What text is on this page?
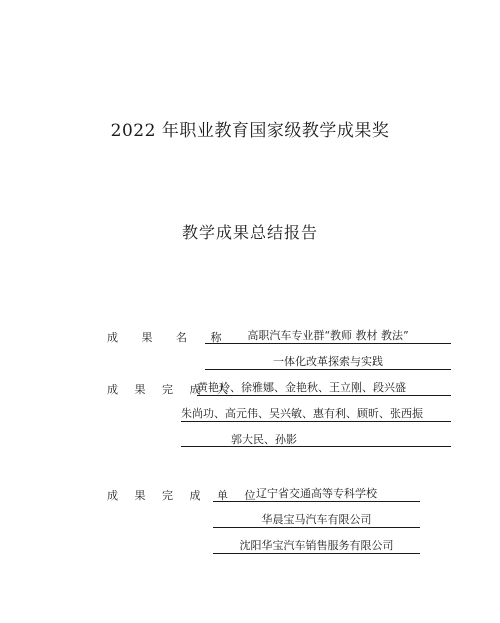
2022 年职业教育国家级教学成果奖
教学成果总结报告
成 果 名 称	高职汽车专业群“教师 教材 教法”
一体化改革探索与实践
成 果 完 成 人
黄艳玲、徐雅娜、金艳秋、王立刚、段兴盛
朱尚功、高元伟、吴兴敏、惠有利、顾昕、张西振
郭大民、孙影
成 果 完 成 单 位
辽宁省交通高等专科学校
华晨宝马汽车有限公司
沈阳华宝汽车销售服务有限公司
